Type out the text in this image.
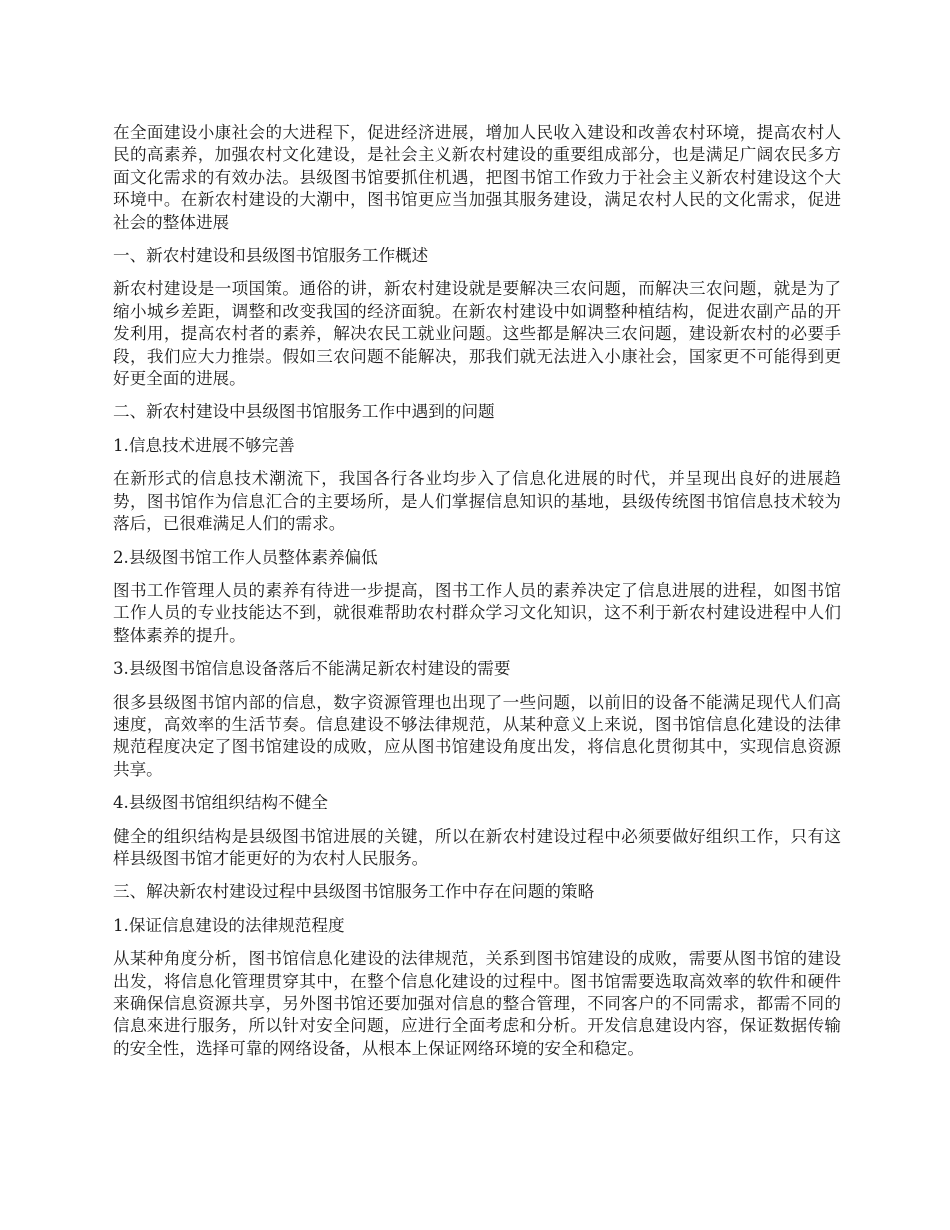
在全面建设小康社会的大进程下，促进经济进展，增加人民收入建设和改善农村环境，提高农村人民的高素养，加强农村文化建设，是社会主义新农村建设的重要组成部分，也是满足广阔农民多方面文化需求的有效办法。县级图书馆要抓住机遇，把图书馆工作致力于社会主义新农村建设这个大环境中。在新农村建设的大潮中，图书馆更应当加强其服务建设，满足农村人民的文化需求，促进社会的整体进展

一、新农村建设和县级图书馆服务工作概述

新农村建设是一项国策。通俗的讲，新农村建设就是要解决三农问题，而解决三农问题，就是为了缩小城乡差距，调整和改变我国的经济面貌。在新农村建设中如调整种植结构，促进农副产品的开发利用，提高农村者的素养，解决农民工就业问题。这些都是解决三农问题，建设新农村的必要手段，我们应大力推崇。假如三农问题不能解决，那我们就无法进入小康社会，国家更不可能得到更好更全面的进展。

二、新农村建设中县级图书馆服务工作中遇到的问题

1.信息技术进展不够完善

在新形式的信息技术潮流下，我国各行各业均步入了信息化进展的时代，并呈现出良好的进展趋势，图书馆作为信息汇合的主要场所，是人们掌握信息知识的基地，县级传统图书馆信息技术较为落后，已很难满足人们的需求。

2.县级图书馆工作人员整体素养偏低

图书工作管理人员的素养有待进一步提高，图书工作人员的素养决定了信息进展的进程，如图书馆工作人员的专业技能达不到，就很难帮助农村群众学习文化知识，这不利于新农村建设进程中人们整体素养的提升。

3.县级图书馆信息设备落后不能满足新农村建设的需要

很多县级图书馆内部的信息，数字资源管理也出现了一些问题，以前旧的设备不能满足现代人们高速度，高效率的生活节奏。信息建设不够法律规范，从某种意义上来说，图书馆信息化建设的法律规范程度决定了图书馆建设的成败，应从图书馆建设角度出发，将信息化贯彻其中，实现信息资源共享。

4.县级图书馆组织结构不健全

健全的组织结构是县级图书馆进展的关键，所以在新农村建设过程中必须要做好组织工作，只有这样县级图书馆才能更好的为农村人民服务。

三、解决新农村建设过程中县级图书馆服务工作中存在问题的策略

1.保证信息建设的法律规范程度

从某种角度分析，图书馆信息化建设的法律规范，关系到图书馆建设的成败，需要从图书馆的建设出发，将信息化管理贯穿其中，在整个信息化建设的过程中。图书馆需要选取高效率的软件和硬件来确保信息资源共享，另外图书馆还要加强对信息的整合管理，不同客户的不同需求，都需不同的信息來进行服务，所以针对安全问题，应进行全面考虑和分析。开发信息建设内容，保证数据传输的安全性，选择可靠的网络设备，从根本上保证网络环境的安全和稳定。
